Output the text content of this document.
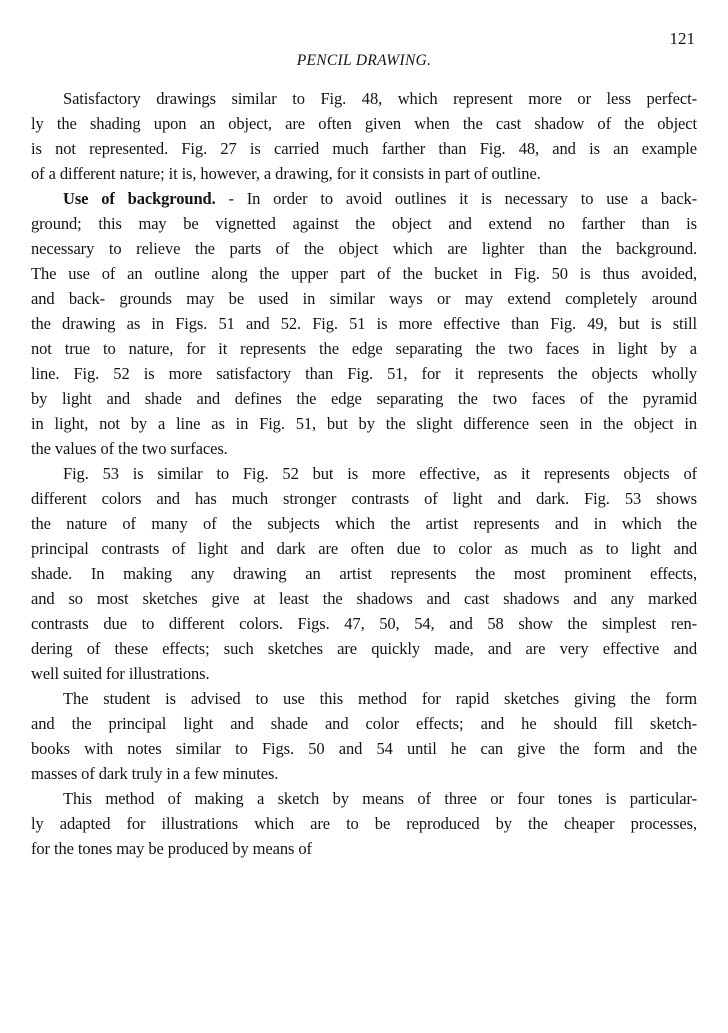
121
PENCIL DRAWING.

Satisfactory drawings similar to Fig. 48, which represent more or less perfect-
ly the shading upon an object, are often given when the cast shadow of the object
is not represented. Fig. 27 is carried much farther than Fig. 48, and is an example
of a different nature; it is, however, a drawing, for it consists in part of outline.

Use of background. - In order to avoid outlines it is necessary to use a back-
ground; this may be vignetted against the object and extend no farther than is
necessary to relieve the parts of the object which are lighter than the background.
The use of an outline along the upper part of the bucket in Fig. 50 is thus avoided,
and back- grounds may be used in similar ways or may extend completely around
the drawing as in Figs. 51 and 52. Fig. 51 is more effective than Fig. 49, but is still
not true to nature, for it represents the edge separating the two faces in light by a
line. Fig. 52 is more satisfactory than Fig. 51, for it represents the objects wholly
by light and shade and defines the edge separating the two faces of the pyramid
in light, not by a line as in Fig. 51, but by the slight difference seen in the object in
the values of the two surfaces.

Fig. 53 is similar to Fig. 52 but is more effective, as it represents objects of
different colors and has much stronger contrasts of light and dark. Fig. 53 shows
the nature of many of the subjects which the artist represents and in which the
principal contrasts of light and dark are often due to color as much as to light and
shade. In making any drawing an artist represents the most prominent effects,
and so most sketches give at least the shadows and cast shadows and any marked
contrasts due to different colors. Figs. 47, 50, 54, and 58 show the simplest ren-
dering of these effects; such sketches are quickly made, and are very effective and
well suited for illustrations.

The student is advised to use this method for rapid sketches giving the form
and the principal light and shade and color effects; and he should fill sketch-
books with notes similar to Figs. 50 and 54 until he can give the form and the
masses of dark truly in a few minutes.

This method of making a sketch by means of three or four tones is particular-
ly adapted for illustrations which are to be reproduced by the cheaper processes,
for the tones may be produced by means of
